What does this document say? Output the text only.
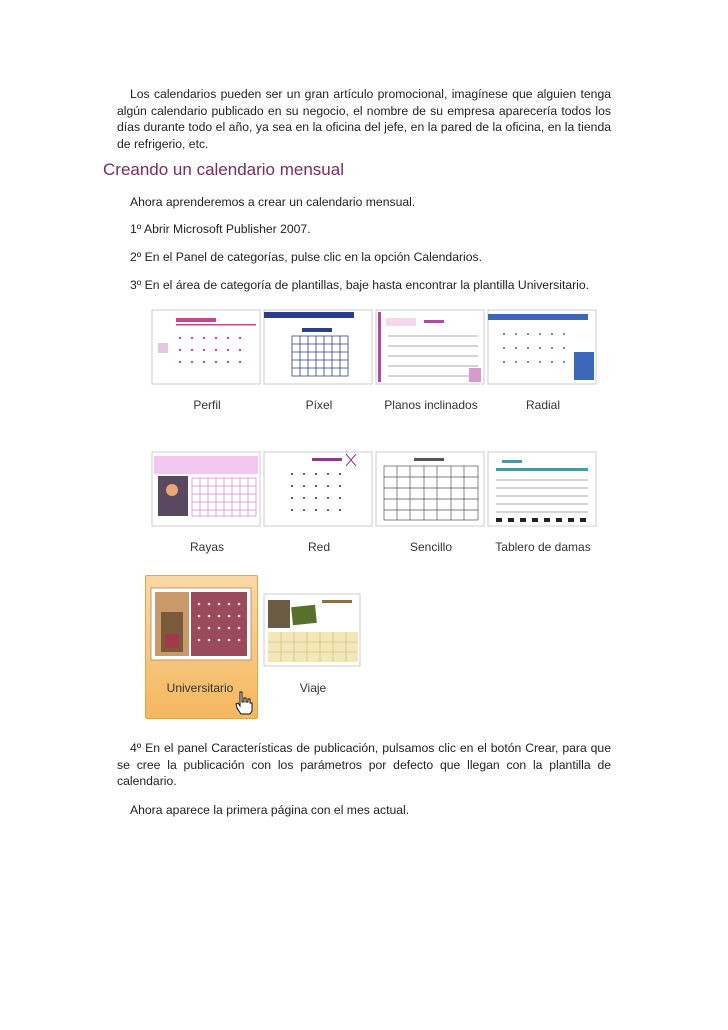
Los calendarios pueden ser un gran artículo promocional, imagínese que alguien tenga algún calendario publicado en su negocio, el nombre de su empresa aparecería todos los días durante todo el año, ya sea en la oficina del jefe, en la pared de la oficina, en la tienda de refrigerio, etc.

Creando un calendario mensual

Ahora aprenderemos a crear un calendario mensual.

1º Abrir Microsoft Publisher 2007.

2º En el Panel de categorías, pulse clic en la opción Calendarios.

3º En el área de categoría de plantillas, baje hasta encontrar la plantilla Universitario.

Perfil	Píxel	Planos inclinados	Radial
Rayas	Red	Sencillo	Tablero de damas
Universitario	Viaje

4º En el panel Características de publicación, pulsamos clic en el botón Crear, para que se cree la publicación con los parámetros por defecto que llegan con la plantilla de calendario.

Ahora aparece la primera página con el mes actual.
